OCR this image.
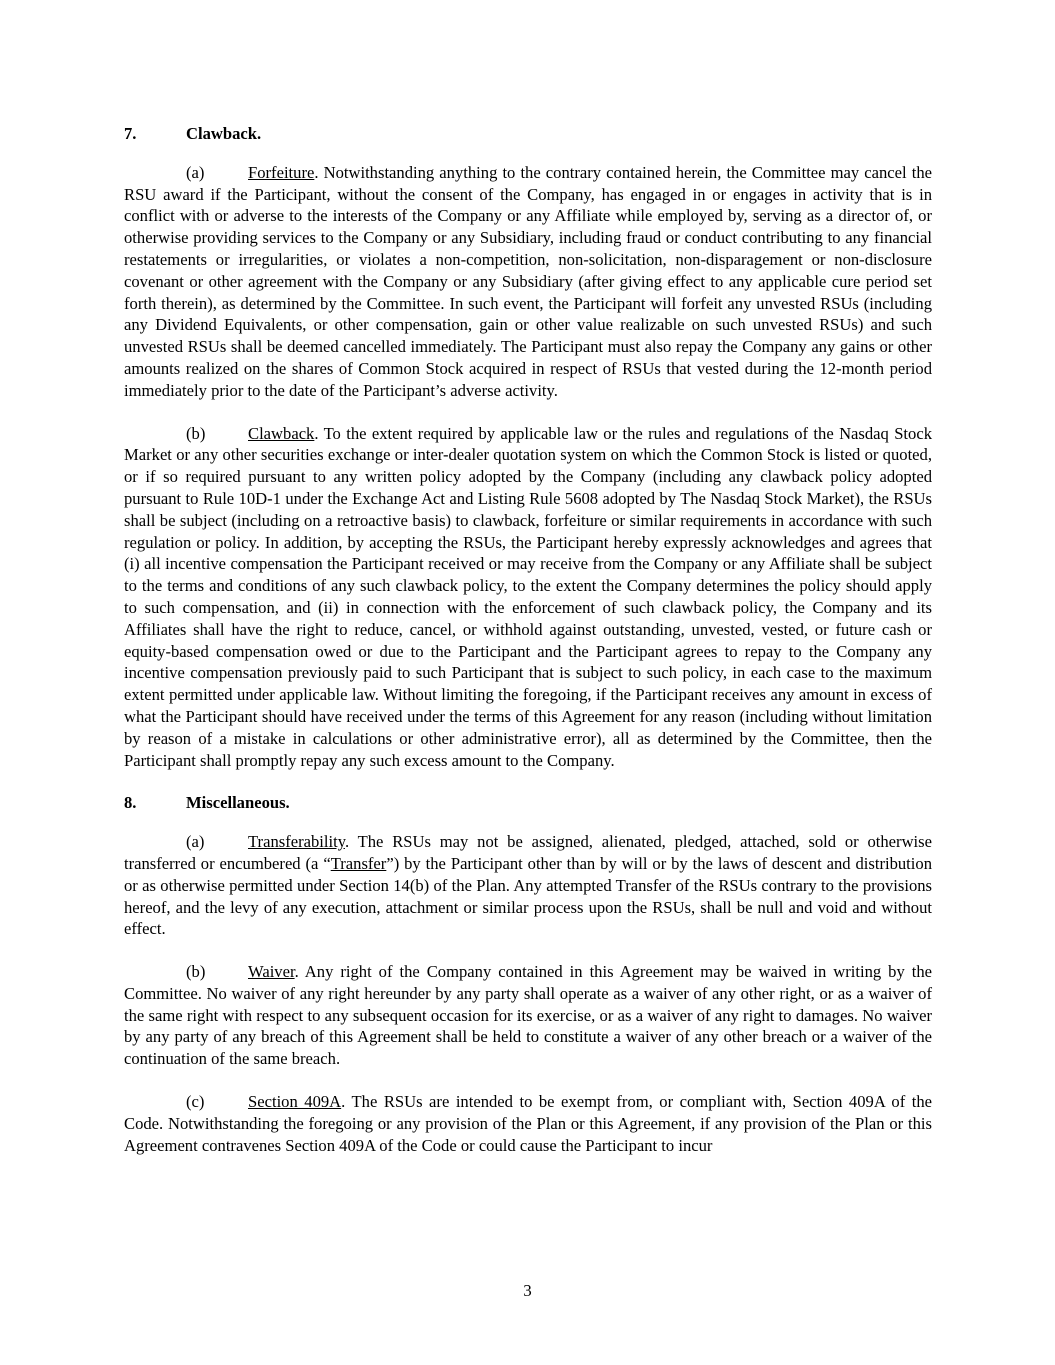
7.	Clawback.

(a)	Forfeiture. Notwithstanding anything to the contrary contained herein, the Committee may cancel the RSU award if the Participant, without the consent of the Company, has engaged in or engages in activity that is in conflict with or adverse to the interests of the Company or any Affiliate while employed by, serving as a director of, or otherwise providing services to the Company or any Subsidiary, including fraud or conduct contributing to any financial restatements or irregularities, or violates a non-competition, non-solicitation, non-disparagement or non-disclosure covenant or other agreement with the Company or any Subsidiary (after giving effect to any applicable cure period set forth therein), as determined by the Committee. In such event, the Participant will forfeit any unvested RSUs (including any Dividend Equivalents, or other compensation, gain or other value realizable on such unvested RSUs) and such unvested RSUs shall be deemed cancelled immediately. The Participant must also repay the Company any gains or other amounts realized on the shares of Common Stock acquired in respect of RSUs that vested during the 12-month period immediately prior to the date of the Participant’s adverse activity.

(b)	Clawback. To the extent required by applicable law or the rules and regulations of the Nasdaq Stock Market or any other securities exchange or inter-dealer quotation system on which the Common Stock is listed or quoted, or if so required pursuant to any written policy adopted by the Company (including any clawback policy adopted pursuant to Rule 10D-1 under the Exchange Act and Listing Rule 5608 adopted by The Nasdaq Stock Market), the RSUs shall be subject (including on a retroactive basis) to clawback, forfeiture or similar requirements in accordance with such regulation or policy. In addition, by accepting the RSUs, the Participant hereby expressly acknowledges and agrees that (i) all incentive compensation the Participant received or may receive from the Company or any Affiliate shall be subject to the terms and conditions of any such clawback policy, to the extent the Company determines the policy should apply to such compensation, and (ii) in connection with the enforcement of such clawback policy, the Company and its Affiliates shall have the right to reduce, cancel, or withhold against outstanding, unvested, vested, or future cash or equity-based compensation owed or due to the Participant and the Participant agrees to repay to the Company any incentive compensation previously paid to such Participant that is subject to such policy, in each case to the maximum extent permitted under applicable law. Without limiting the foregoing, if the Participant receives any amount in excess of what the Participant should have received under the terms of this Agreement for any reason (including without limitation by reason of a mistake in calculations or other administrative error), all as determined by the Committee, then the Participant shall promptly repay any such excess amount to the Company.

8.	Miscellaneous.

(a)	Transferability. The RSUs may not be assigned, alienated, pledged, attached, sold or otherwise transferred or encumbered (a “Transfer”) by the Participant other than by will or by the laws of descent and distribution or as otherwise permitted under Section 14(b) of the Plan. Any attempted Transfer of the RSUs contrary to the provisions hereof, and the levy of any execution, attachment or similar process upon the RSUs, shall be null and void and without effect.

(b)	Waiver. Any right of the Company contained in this Agreement may be waived in writing by the Committee. No waiver of any right hereunder by any party shall operate as a waiver of any other right, or as a waiver of the same right with respect to any subsequent occasion for its exercise, or as a waiver of any right to damages. No waiver by any party of any breach of this Agreement shall be held to constitute a waiver of any other breach or a waiver of the continuation of the same breach.

(c)	Section 409A. The RSUs are intended to be exempt from, or compliant with, Section 409A of the Code. Notwithstanding the foregoing or any provision of the Plan or this Agreement, if any provision of the Plan or this Agreement contravenes Section 409A of the Code or could cause the Participant to incur

3
